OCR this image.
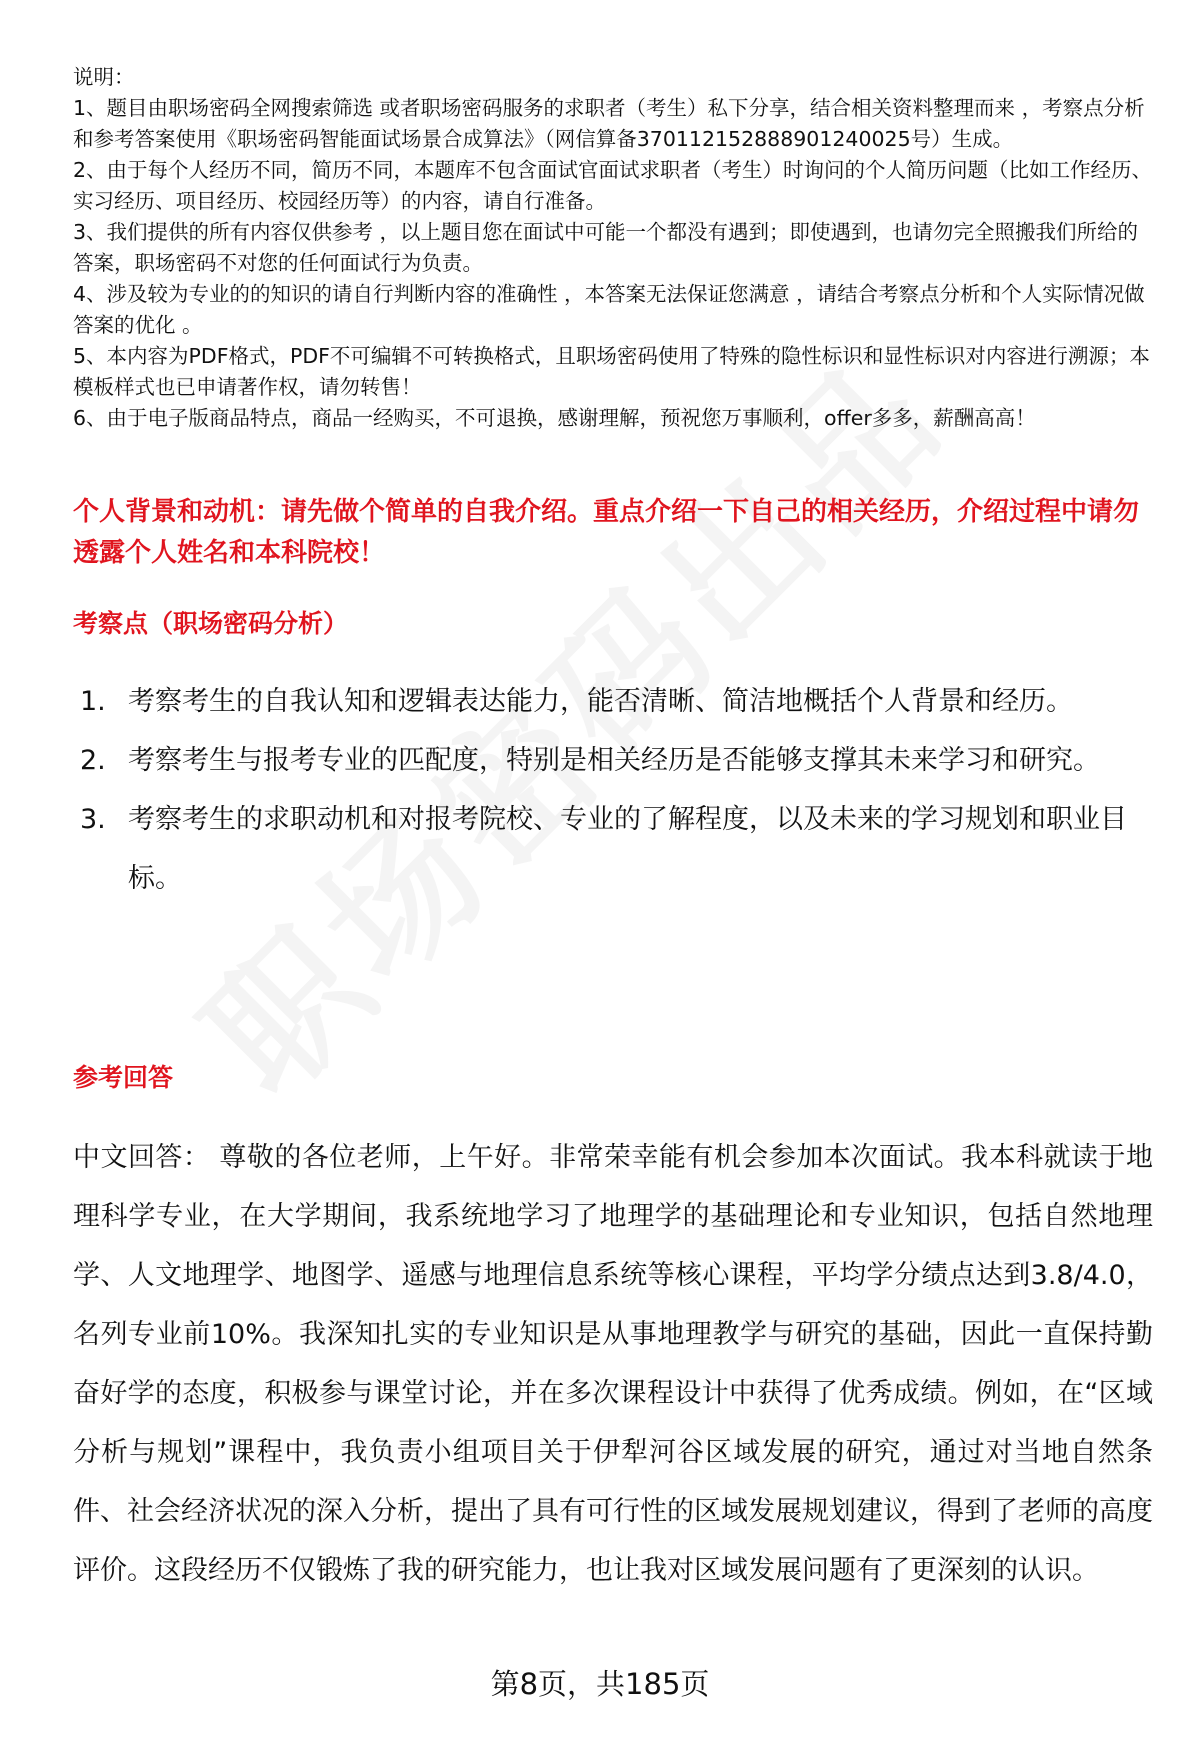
说明：

1、题目由职场密码全网搜索筛选 或者职场密码服务的求职者（考生）私下分享，结合相关资料整理而来 ，考察点分析和参考答案使用《职场密码智能面试场景合成算法》（网信算备370112152888901240025号）生成。

2、由于每个人经历不同，简历不同，本题库不包含面试官面试求职者（考生）时询问的个人简历问题（比如工作经历、实习经历、项目经历、校园经历等）的内容，请自行准备。

3、我们提供的所有内容仅供参考 ，以上题目您在面试中可能一个都没有遇到；即使遇到，也请勿完全照搬我们所给的答案，职场密码不对您的任何面试行为负责。

4、涉及较为专业的的知识的请自行判断内容的准确性 ，本答案无法保证您满意 ，请结合考察点分析和个人实际情况做答案的优化 。

5、本内容为PDF格式，PDF不可编辑不可转换格式，且职场密码使用了特殊的隐性标识和显性标识对内容进行溯源；本模板样式也已申请著作权，请勿转售！

6、由于电子版商品特点，商品一经购买，不可退换，感谢理解，预祝您万事顺利，offer多多，薪酬高高！

个人背景和动机：请先做个简单的自我介绍。重点介绍一下自己的相关经历，介绍过程中请勿透露个人姓名和本科院校！
考察点（职场密码分析）
1. 考察考生的自我认知和逻辑表达能力，能否清晰、简洁地概括个人背景和经历。
2. 考察考生与报考专业的匹配度，特别是相关经历是否能够支撑其未来学习和研究。
3. 考察考生的求职动机和对报考院校、专业的了解程度，以及未来的学习规划和职业目标。
参考回答
中文回答： 尊敬的各位老师，上午好。非常荣幸能有机会参加本次面试。我本科就读于地理科学专业，在大学期间，我系统地学习了地理学的基础理论和专业知识，包括自然地理学、人文地理学、地图学、遥感与地理信息系统等核心课程，平均学分绩点达到3.8/4.0，名列专业前10%。我深知扎实的专业知识是从事地理教学与研究的基础，因此一直保持勤奋好学的态度，积极参与课堂讨论，并在多次课程设计中获得了优秀成绩。例如，在“区域分析与规划”课程中，我负责小组项目关于伊犁河谷区域发展的研究，通过对当地自然条件、社会经济状况的深入分析，提出了具有可行性的区域发展规划建议，得到了老师的高度评价。这段经历不仅锻炼了我的研究能力，也让我对区域发展问题有了更深刻的认识。
第8页，共185页
